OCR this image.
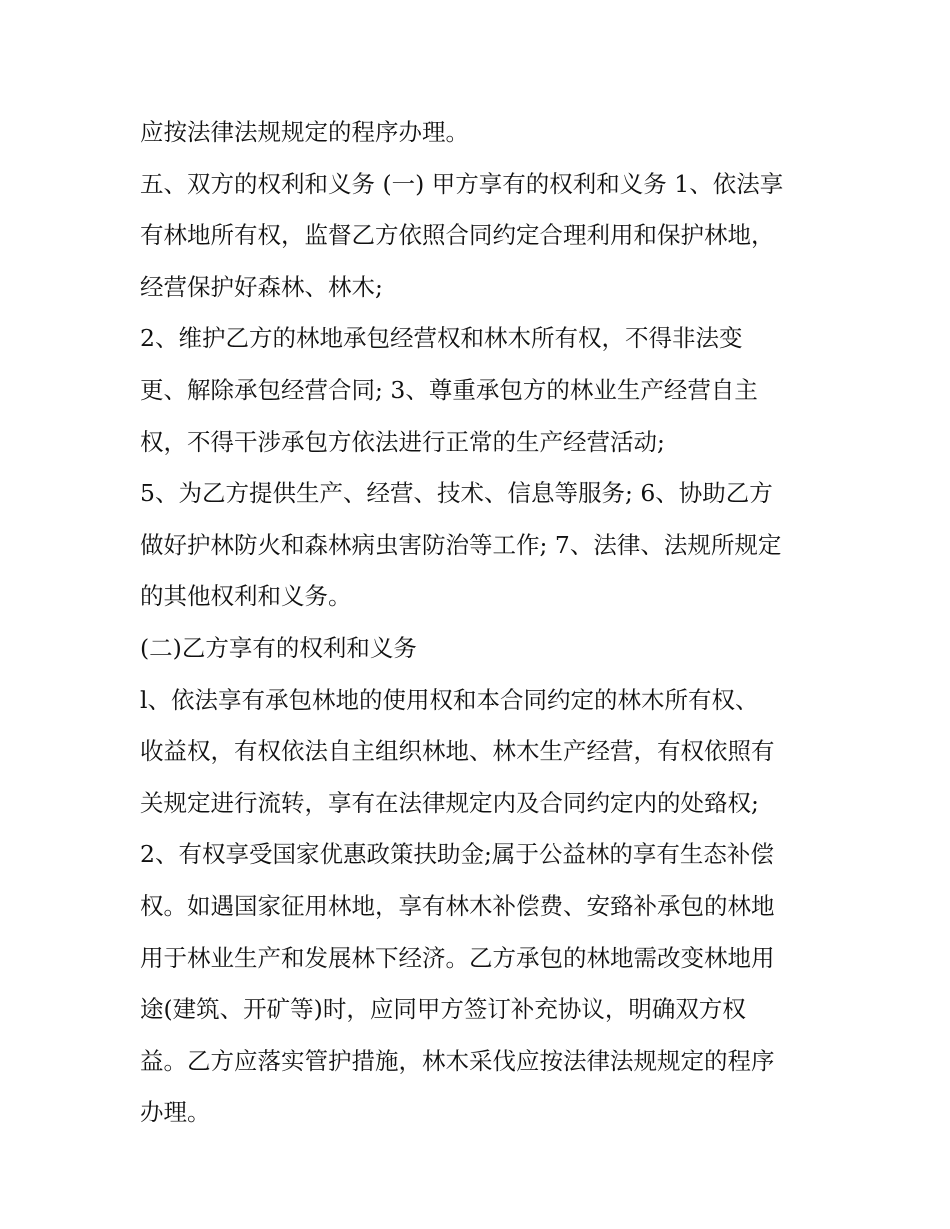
应按法律法规规定的程序办理。
五、双方的权利和义务 (一) 甲方享有的权利和义务 1、依法享
有林地所有权，监督乙方依照合同约定合理利用和保护林地，
经营保护好森林、林木;
2、维护乙方的林地承包经营权和林木所有权，不得非法变
更、解除承包经营合同; 3、尊重承包方的林业生产经营自主
权，不得干涉承包方依法进行正常的生产经营活动;
5、为乙方提供生产、经营、技术、信息等服务; 6、协助乙方
做好护林防火和森林病虫害防治等工作; 7、法律、法规所规定
的其他权利和义务。
(二)乙方享有的权利和义务
l、依法享有承包林地的使用权和本合同约定的林木所有权、
收益权，有权依法自主组织林地、林木生产经营，有权依照有
关规定进行流转，享有在法律规定内及合同约定内的处臵权;
2、有权享受国家优惠政策扶助金;属于公益林的享有生态补偿
权。如遇国家征用林地，享有林木补偿费、安臵补承包的林地
用于林业生产和发展林下经济。乙方承包的林地需改变林地用
途(建筑、开矿等)时，应同甲方签订补充协议，明确双方权
益。乙方应落实管护措施，林木采伐应按法律法规规定的程序
办理。
